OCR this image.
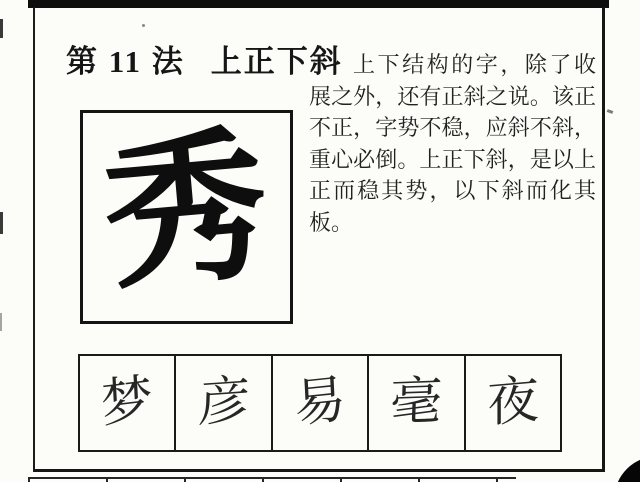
第 11 法 上正下斜 上下结构的字，除了收
展之外，还有正斜之说。该正
不正，字势不稳，应斜不斜，
重心必倒。上正下斜，是以上
正而稳其势，以下斜而化其
板。
秀
梦 彦 易 毫 夜
